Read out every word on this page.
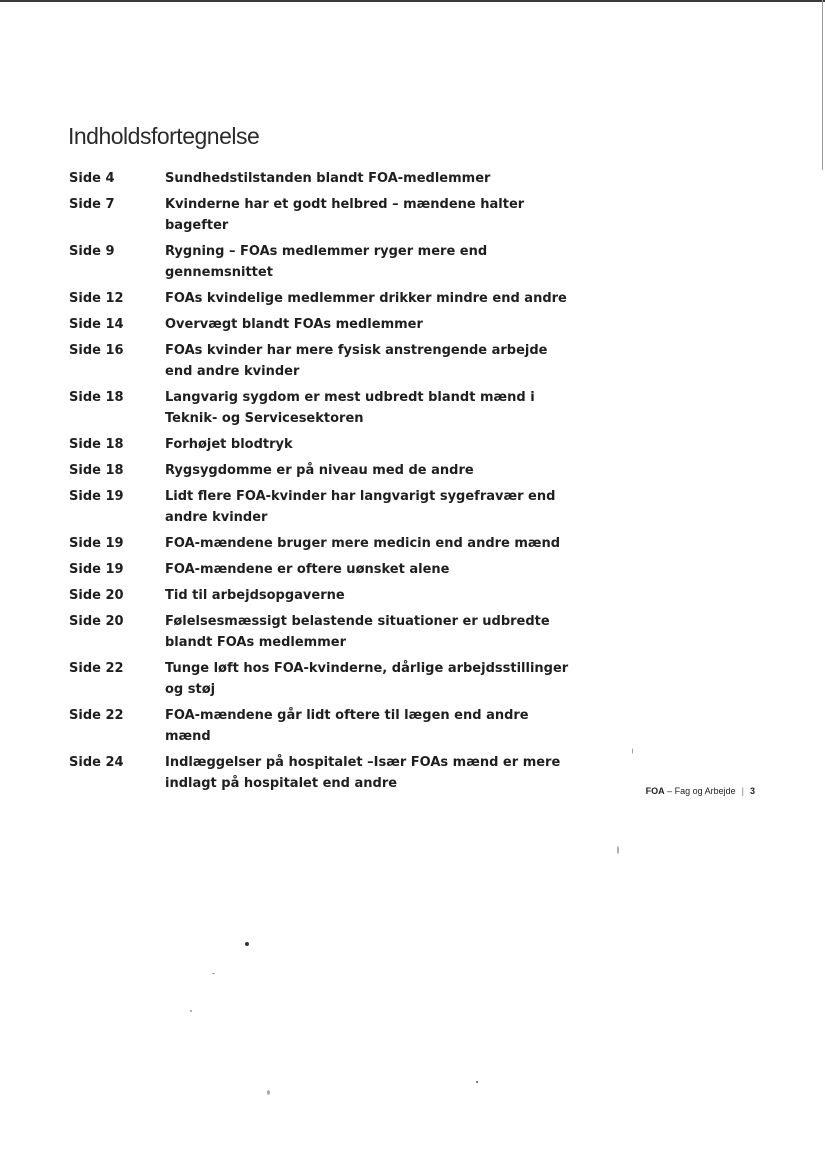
Indholdsfortegnelse
Side 4	Sundhedstilstanden blandt FOA-medlemmer
Side 7	Kvinderne har et godt helbred – mændene halter bagefter
Side 9	Rygning – FOAs medlemmer ryger mere end gennemsnittet
Side 12	FOAs kvindelige medlemmer drikker mindre end andre
Side 14	Overvægt blandt FOAs medlemmer
Side 16	FOAs kvinder har mere fysisk anstrengende arbejde end andre kvinder
Side 18	Langvarig sygdom er mest udbredt blandt mænd i Teknik- og Servicesektoren
Side 18	Forhøjet blodtryk
Side 18	Rygsygdomme er på niveau med de andre
Side 19	Lidt flere FOA-kvinder har langvarigt sygefravær end andre kvinder
Side 19	FOA-mændene bruger mere medicin end andre mænd
Side 19	FOA-mændene er oftere uønsket alene
Side 20	Tid til arbejdsopgaverne
Side 20	Følelsesmæssigt belastende situationer er udbredte blandt FOAs medlemmer
Side 22	Tunge løft hos FOA-kvinderne, dårlige arbejdsstillinger og støj
Side 22	FOA-mændene går lidt oftere til lægen end andre mænd
Side 24	Indlæggelser på hospitalet –Især FOAs mænd er mere indlagt på hospitalet end andre	FOA – Fag og Arbejde | 3
